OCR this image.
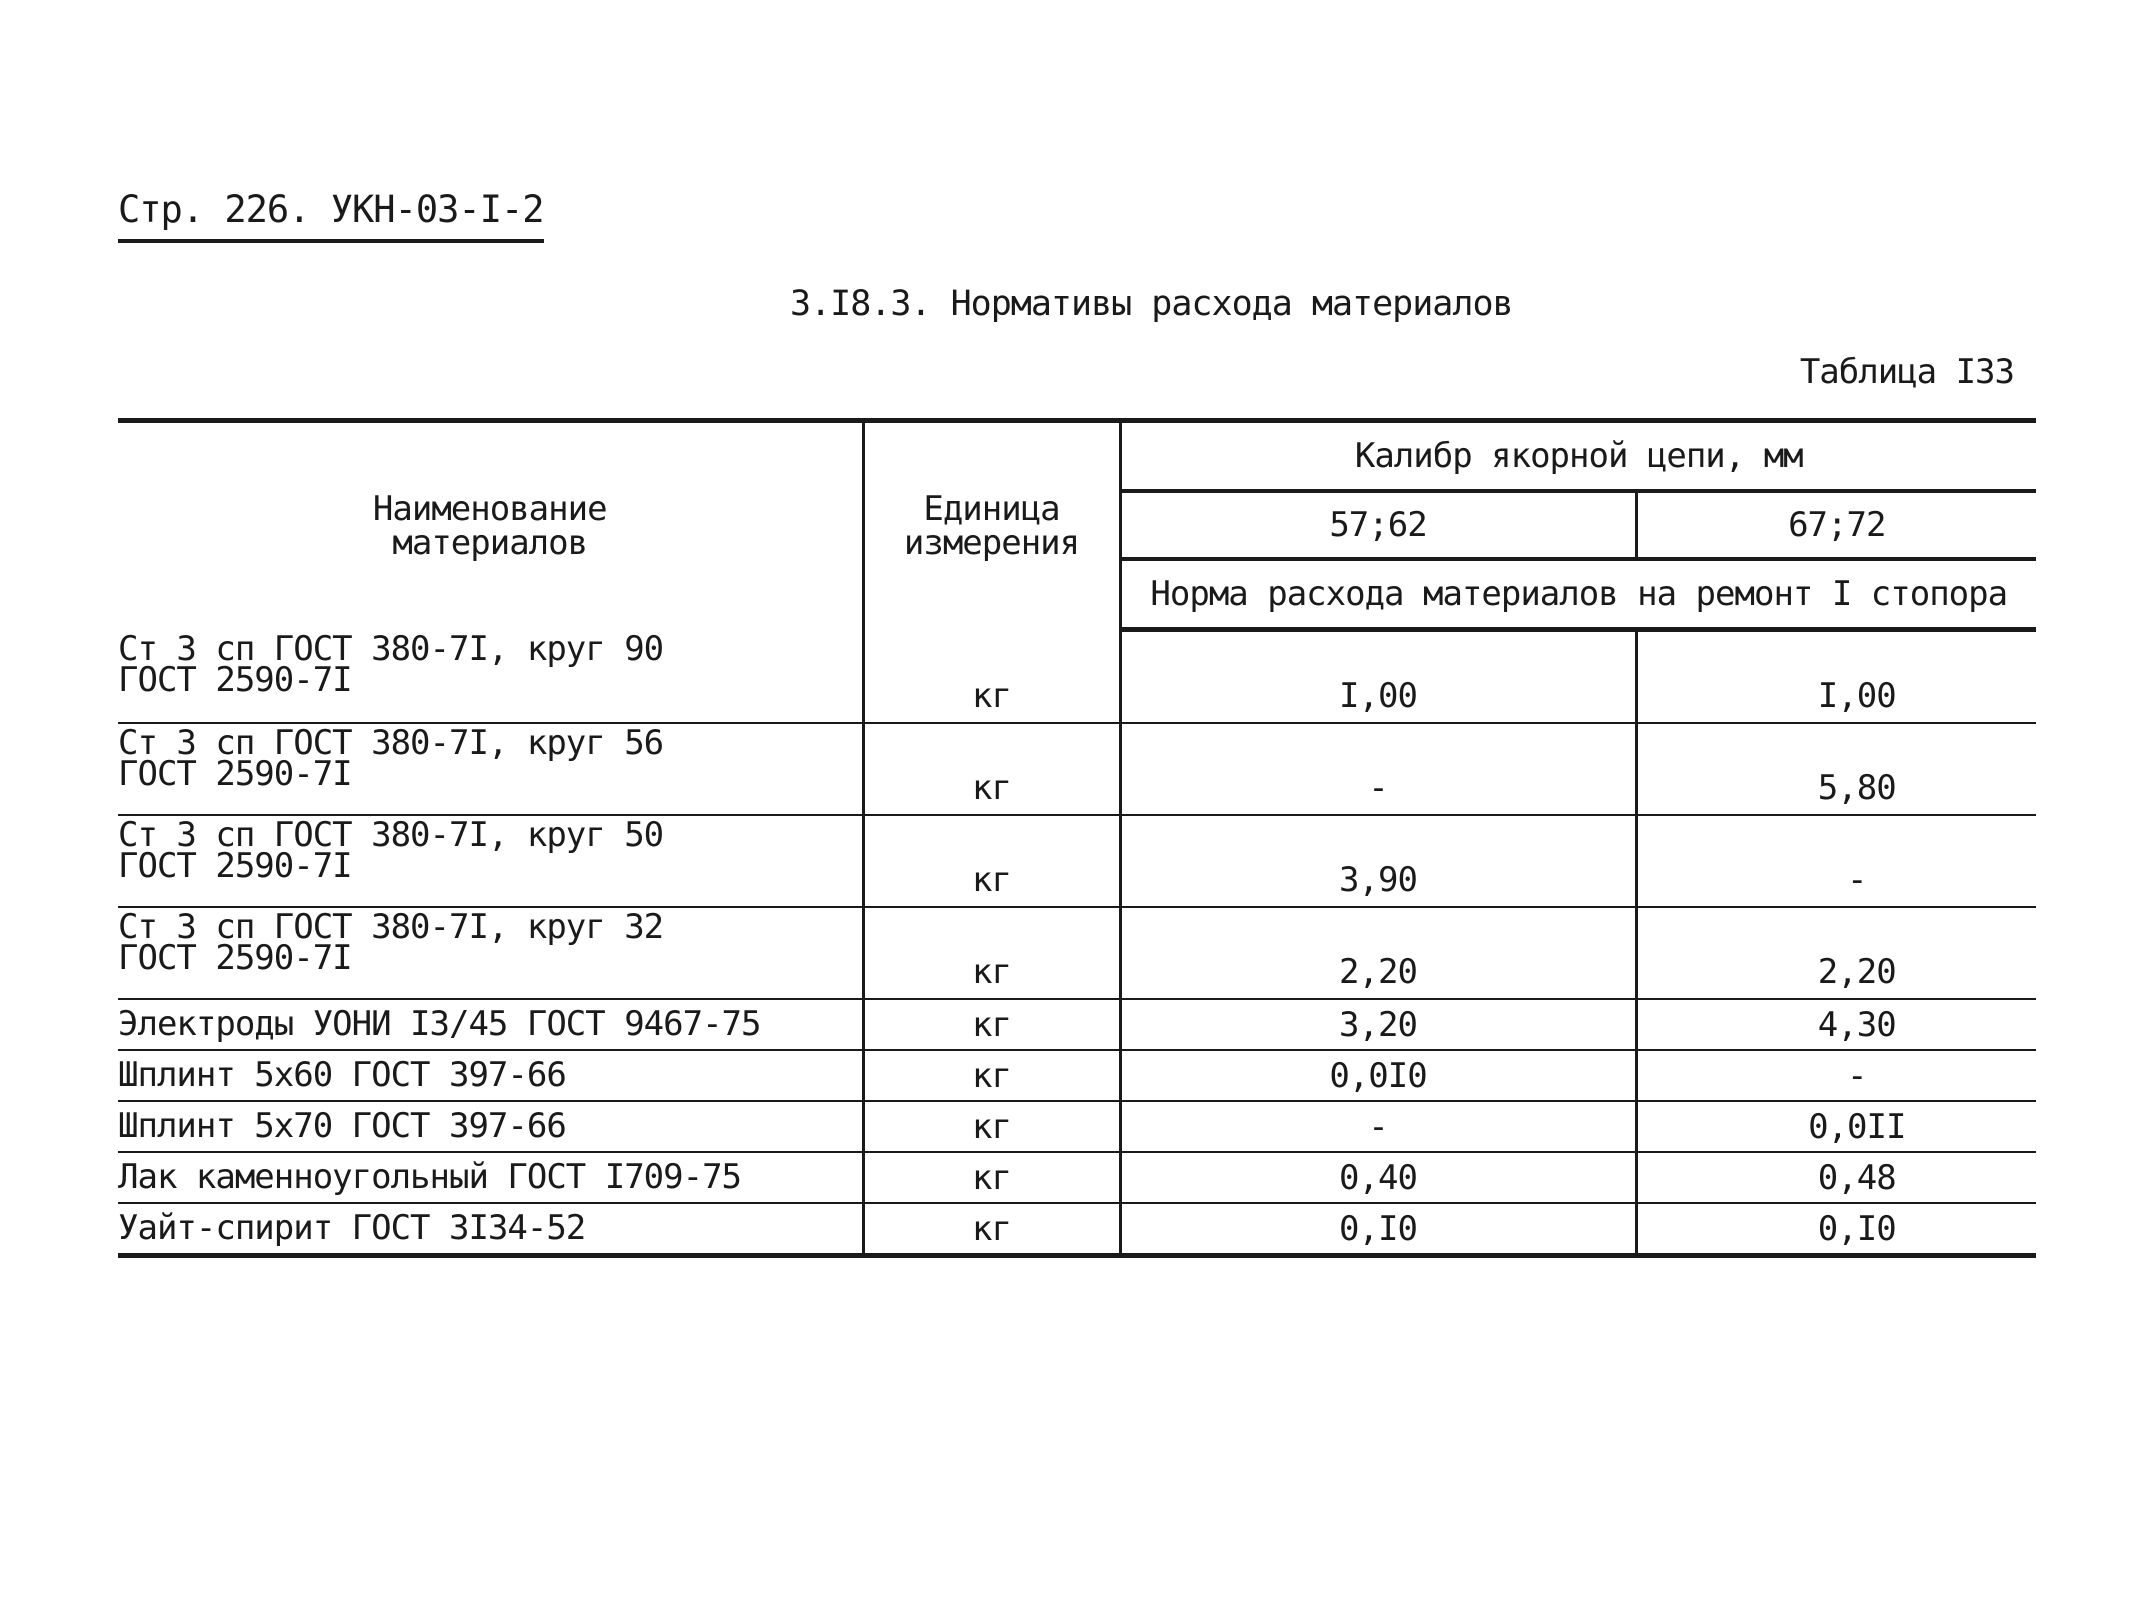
Стр. 226. УКН-03-I-2
3.I8.3. Нормативы расхода материалов
Таблица I33
Наименование
материалов	Единица
измерения	Калибр якорной цепи, мм	
		57;62	67;72
		Норма расхода материалов на ремонт I стопора	

Ст 3 сп ГОСТ 380-7I, круг 90
ГОСТ 2590-7I	кг	I,00	I,00

Ст 3 сп ГОСТ 380-7I, круг 56
ГОСТ 2590-7I	кг	-	5,80

Ст 3 сп ГОСТ 380-7I, круг 50
ГОСТ 2590-7I	кг	3,90	-

Ст 3 сп ГОСТ 380-7I, круг 32
ГОСТ 2590-7I	кг	2,20	2,20
Электроды УОНИ I3/45 ГОСТ 9467-75	кг	3,20	4,30
Шплинт 5х60 ГОСТ 397-66	кг	0,0I0	-
Шплинт 5х70 ГОСТ 397-66	кг	-	0,0II
Лак каменноугольный ГОСТ I709-75	кг	0,40	0,48
Уайт-спирит ГОСТ 3I34-52	кг	0,I0	0,I0
